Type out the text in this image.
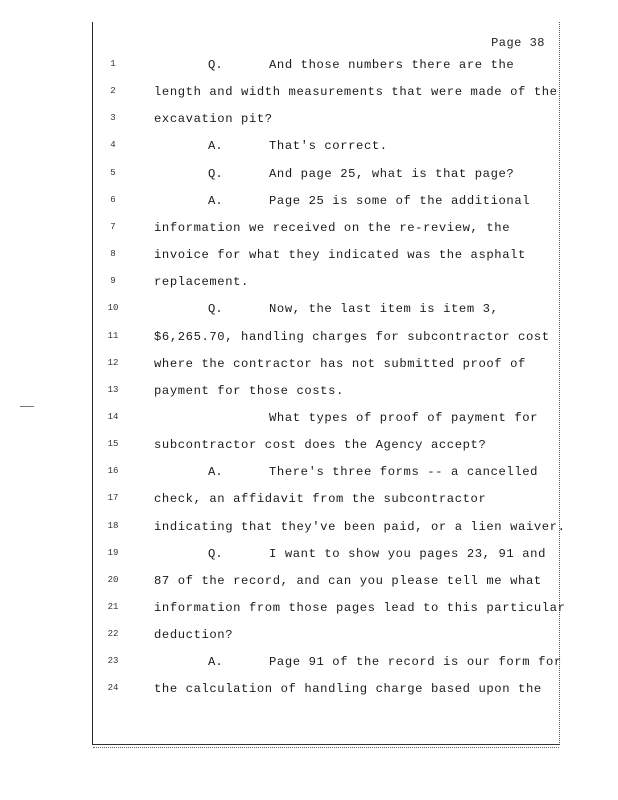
Page 38
1	Q.	And those numbers there are the
2	length and width measurements that were made of the
3	excavation pit?
4	A.	That's correct.
5	Q.	And page 25, what is that page?
6	A.	Page 25 is some of the additional
7	information we received on the re-review, the
8	invoice for what they indicated was the asphalt
9	replacement.
10	Q.	Now, the last item is item 3,
11	$6,265.70, handling charges for subcontractor cost
12	where the contractor has not submitted proof of
13	payment for those costs.
14	What types of proof of payment for
15	subcontractor cost does the Agency accept?
16	A.	There's three forms -- a cancelled
17	check, an affidavit from the subcontractor
18	indicating that they've been paid, or a lien waiver.
19	Q.	I want to show you pages 23, 91 and
20	87 of the record, and can you please tell me what
21	information from those pages lead to this particular
22	deduction?
23	A.	Page 91 of the record is our form for
24	the calculation of handling charge based upon the
